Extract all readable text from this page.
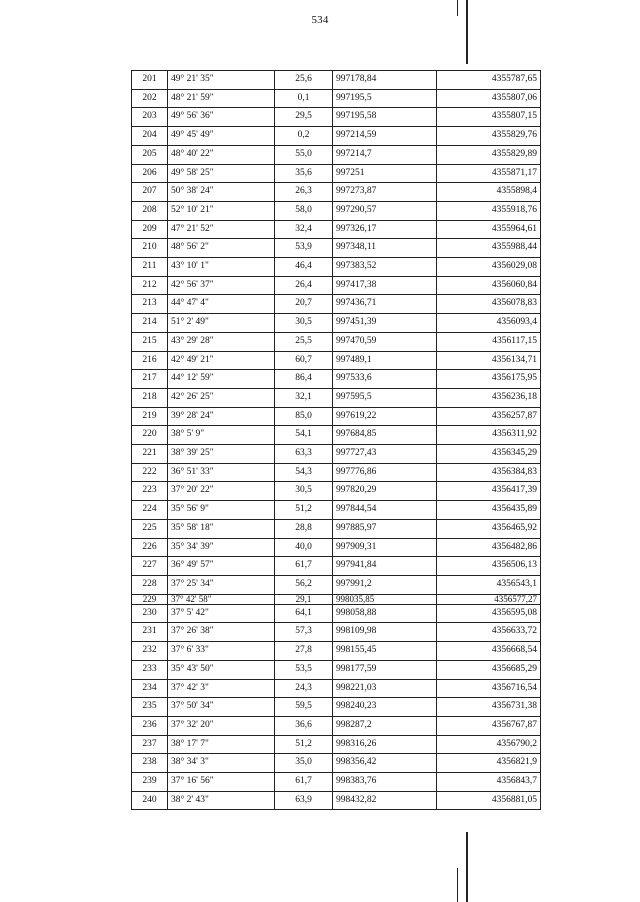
534
201	49° 21' 35"	25,6	997178,84	4355787,65
202	48° 21' 59"	0,1	997195,5	4355807,06
203	49° 56' 36"	29,5	997195,58	4355807,15
204	49° 45' 49"	0,2	997214,59	4355829,76
205	48° 40' 22"	55,0	997214,7	4355829,89
206	49° 58' 25"	35,6	997251	4355871,17
207	50° 38' 24"	26,3	997273,87	4355898,4
208	52° 10' 21"	58,0	997290,57	4355918,76
209	47° 21' 52"	32,4	997326,17	4355964,61
210	48° 56' 2"	53,9	997348,11	4355988,44
211	43° 10' 1"	46,4	997383,52	4356029,08
212	42° 56' 37"	26,4	997417,38	4356060,84
213	44° 47' 4"	20,7	997436,71	4356078,83
214	51° 2' 49"	30,5	997451,39	4356093,4
215	43° 29' 28"	25,5	997470,59	4356117,15
216	42° 49' 21"	60,7	997489,1	4356134,71
217	44° 12' 59"	86,4	997533,6	4356175,95
218	42° 26' 25"	32,1	997595,5	4356236,18
219	39° 28' 24"	85,0	997619,22	4356257,87
220	38° 5' 9"	54,1	997684,85	4356311,92
221	38° 39' 25"	63,3	997727,43	4356345,29
222	36° 51' 33"	54,3	997776,86	4356384,83
223	37° 20' 22"	30,5	997820,29	4356417,39
224	35° 56' 9"	51,2	997844,54	4356435,89
225	35° 58' 18"	28,8	997885,97	4356465,92
226	35° 34' 39"	40,0	997909,31	4356482,86
227	36° 49' 57"	61,7	997941,84	4356506,13
228	37° 25' 34"	56,2	997991,2	4356543,1
229	37° 42' 58"	29,1	998035,85	4356577,27
230	37° 5' 42"	64,1	998058,88	4356595,08
231	37° 26' 38"	57,3	998109,98	4356633,72
232	37° 6' 33"	27,8	998155,45	4356668,54
233	35° 43' 50"	53,5	998177,59	4356685,29
234	37° 42' 3"	24,3	998221,03	4356716,54
235	37° 50' 34"	59,5	998240,23	4356731,38
236	37° 32' 20"	36,6	998287,2	4356767,87
237	38° 17' 7"	51,2	998316,26	4356790,2
238	38° 34' 3"	35,0	998356,42	4356821,9
239	37° 16' 56"	61,7	998383,76	4356843,7
240	38° 2' 43"	63,9	998432,82	4356881,05
